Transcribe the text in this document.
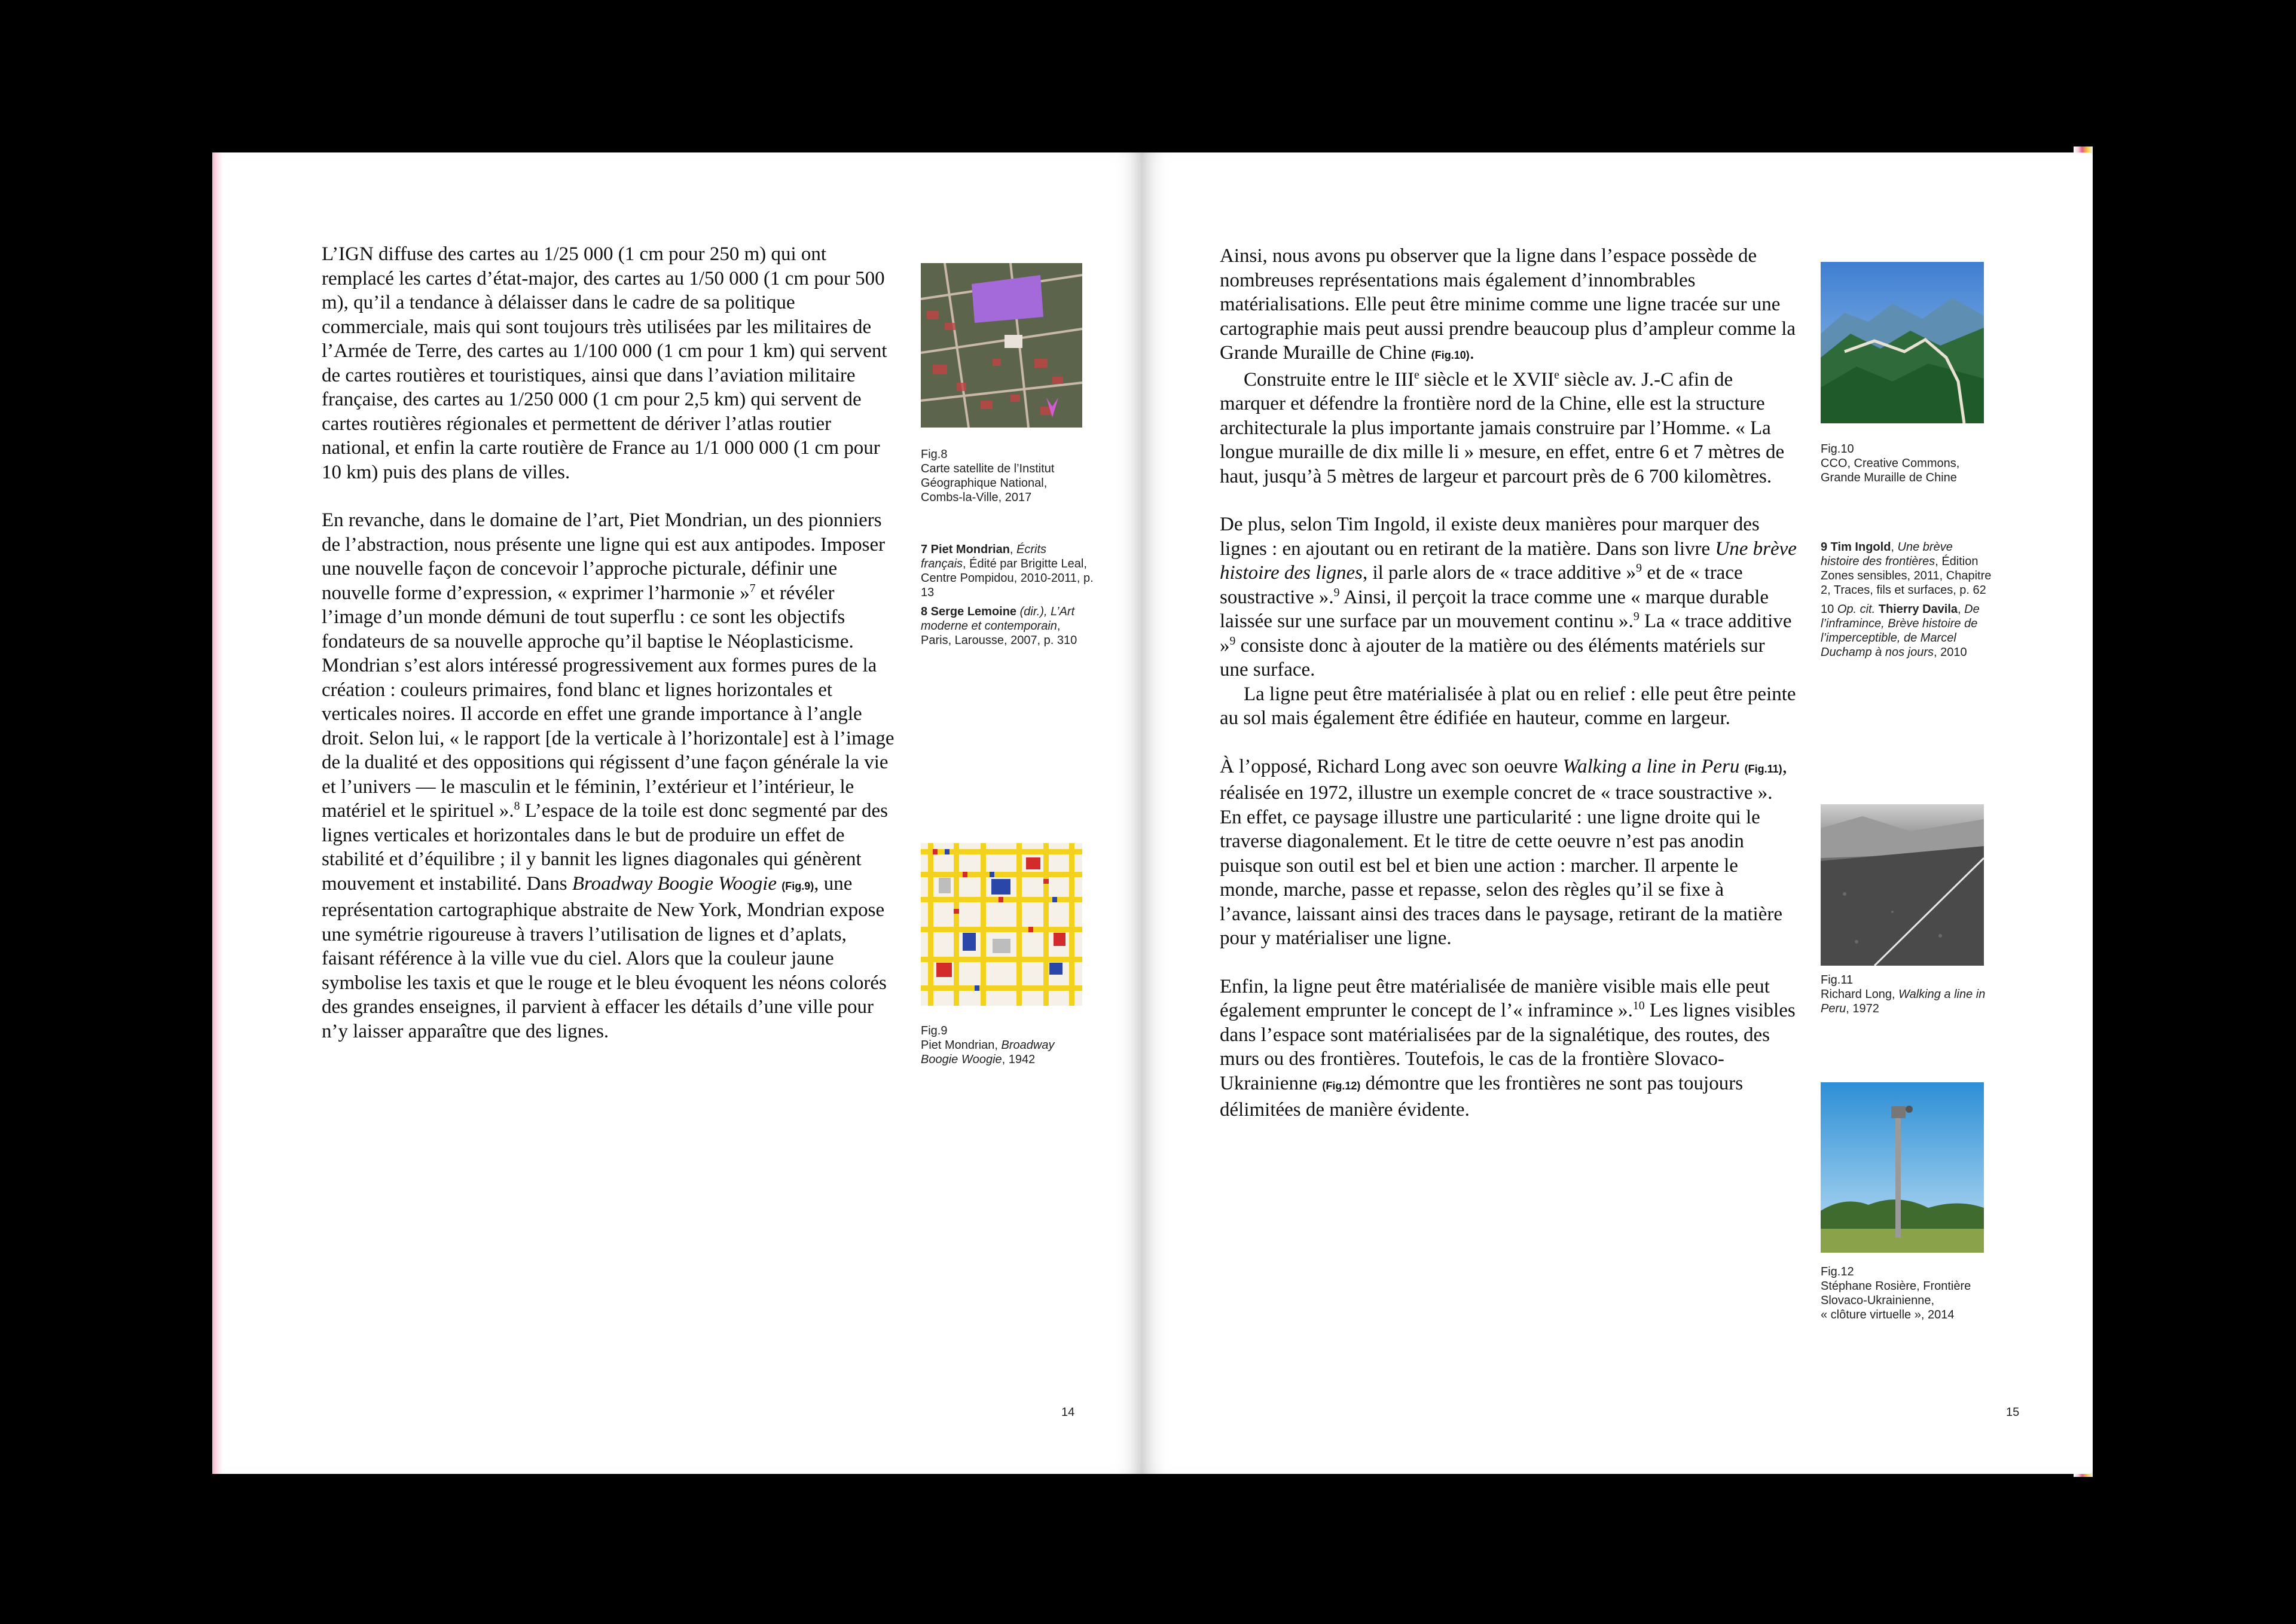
L’IGN diffuse des cartes au 1/25 000 (1 cm pour 250 m) qui ont remplacé les cartes d’état-major, des cartes au 1/50 000 (1 cm pour 500 m), qu’il a tendance à délaisser dans le cadre de sa politique commerciale, mais qui sont toujours très utilisées par les militaires de l’Armée de Terre, des cartes au 1/100 000 (1 cm pour 1 km) qui servent de cartes routières et touristiques, ainsi que dans l’aviation militaire française, des cartes au 1/250 000 (1 cm pour 2,5 km) qui servent de cartes routières régionales et permettent de dériver l’atlas routier national, et enfin la carte routière de France au 1/1 000 000 (1 cm pour 10 km) puis des plans de villes.

En revanche, dans le domaine de l’art, Piet Mondrian, un des pionniers de l’abstraction, nous présente une ligne qui est aux antipodes. Imposer une nouvelle façon de concevoir l’approche picturale, définir une nouvelle forme d’expression, « exprimer l’harmonie »$^7$ et révéler l’image d’un monde démuni de tout superflu : ce sont les objectifs fondateurs de sa nouvelle approche qu’il baptise le Néoplasticisme. Mondrian s’est alors intéressé progressivement aux formes pures de la création : couleurs primaires, fond blanc et lignes horizontales et verticales noires. Il accorde en effet une grande importance à l’angle droit. Selon lui, « le rapport [de la verticale à l’horizontale] est à l’image de la dualité et des oppositions qui régissent d’une façon générale la vie et l’univers — le masculin et le féminin, l’extérieur et l’intérieur, le matériel et le spirituel ».$^8$ L’espace de la toile est donc segmenté par des lignes verticales et horizontales dans le but de produire un effet de stabilité et d’équilibre ; il y bannit les lignes diagonales qui génèrent mouvement et instabilité. Dans Broadway Boogie Woogie (Fig.9), une représentation cartographique abstraite de New York, Mondrian expose une symétrie rigoureuse à travers l’utilisation de lignes et d’aplats, faisant référence à la ville vue du ciel. Alors que la couleur jaune symbolise les taxis et que le rouge et le bleu évoquent les néons colorés des grandes enseignes, il parvient à effacer les détails d’une ville pour n’y laisser apparaître que des lignes.

Fig.8
Carte satellite de l’Institut
Géographique National,
Combs-la-Ville, 2017

7 Piet Mondrian, Écrits français, Édité par Brigitte Leal, Centre Pompidou, 2010-2011, p. 13

8 Serge Lemoine (dir.), L’Art moderne et contemporain, Paris, Larousse, 2007, p. 310

Fig.9
Piet Mondrian, Broadway Boogie Woogie, 1942
14

Ainsi, nous avons pu observer que la ligne dans l’espace possède de nombreuses représentations mais également d’innombrables matérialisations. Elle peut être minime comme une ligne tracée sur une cartographie mais peut aussi prendre beaucoup plus d’ampleur comme la Grande Muraille de Chine (Fig.10).

Construite entre le IIIe siècle et le XVIIe siècle av. J.-C afin de marquer et défendre la frontière nord de la Chine, elle est la structure architecturale la plus importante jamais construire par l’Homme. « La longue muraille de dix mille li » mesure, en effet, entre 6 et 7 mètres de haut, jusqu’à 5 mètres de largeur et parcourt près de 6 700 kilomètres.

De plus, selon Tim Ingold, il existe deux manières pour marquer des lignes : en ajoutant ou en retirant de la matière. Dans son livre Une brève histoire des lignes, il parle alors de « trace additive »$^9$ et de « trace soustractive ».$^9$ Ainsi, il perçoit la trace comme une « marque durable laissée sur une surface par un mouvement continu ».$^9$ La « trace additive »$^9$ consiste donc à ajouter de la matière ou des éléments matériels sur une surface.

La ligne peut être matérialisée à plat ou en relief : elle peut être peinte au sol mais également être édifiée en hauteur, comme en largeur.

À l’opposé, Richard Long avec son oeuvre Walking a line in Peru (Fig.11), réalisée en 1972, illustre un exemple concret de « trace soustractive ». En effet, ce paysage illustre une particularité : une ligne droite qui le traverse diagonalement. Et le titre de cette oeuvre n’est pas anodin puisque son outil est bel et bien une action : marcher. Il arpente le monde, marche, passe et repasse, selon des règles qu’il se fixe à l’avance, laissant ainsi des traces dans le paysage, retirant de la matière pour y matérialiser une ligne.

Enfin, la ligne peut être matérialisée de manière visible mais elle peut également emprunter le concept de l’« inframince ».$^{10}$ Les lignes visibles dans l’espace sont matérialisées par de la signalétique, des routes, des murs ou des frontières. Toutefois, le cas de la frontière Slovaco-Ukrainienne (Fig.12) démontre que les frontières ne sont pas toujours délimitées de manière évidente.

Fig.10
CCO, Creative Commons,
Grande Muraille de Chine

9 Tim Ingold, Une brève histoire des frontières, Édition Zones sensibles, 2011, Chapitre 2, Traces, fils et surfaces, p. 62

10 Op. cit. Thierry Davila, De l’inframince, Brève histoire de l’imperceptible, de Marcel Duchamp à nos jours, 2010

Fig.11
Richard Long, Walking a line in Peru, 1972
Fig.12
Stéphane Rosière, Frontière
Slovaco-Ukrainienne,
« clôture virtuelle », 2014
15
